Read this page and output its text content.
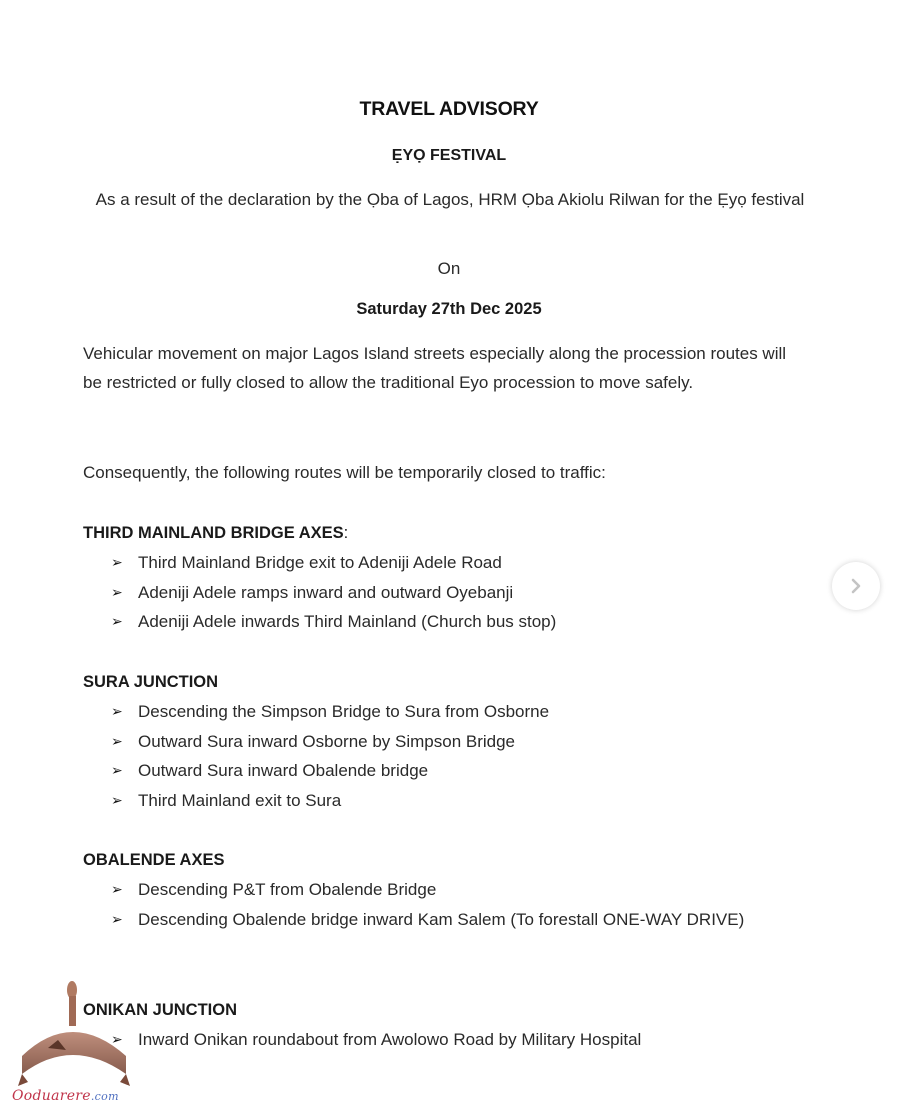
TRAVEL ADVISORY
ẸYỌ FESTIVAL
As a result of the declaration by the Ọba of Lagos, HRM Ọba Akiolu Rilwan for the Ẹyọ festival
On
Saturday 27th Dec 2025
Vehicular movement on major Lagos Island streets especially along the procession routes will be restricted or fully closed to allow the traditional Eyo procession to move safely.
Consequently, the following routes will be temporarily closed to traffic:
THIRD MAINLAND BRIDGE AXES:
➢ Third Mainland Bridge exit to Adeniji Adele Road
➢ Adeniji Adele ramps inward and outward Oyebanji
➢ Adeniji Adele inwards Third Mainland (Church bus stop)
SURA JUNCTION
➢ Descending the Simpson Bridge to Sura from Osborne
➢ Outward Sura inward Osborne by Simpson Bridge
➢ Outward Sura inward Obalende bridge
➢ Third Mainland exit to Sura
OBALENDE AXES
➢ Descending P&T from Obalende Bridge
➢ Descending Obalende bridge inward Kam Salem (To forestall ONE-WAY DRIVE)
ONIKAN JUNCTION
➢ Inward Onikan roundabout from Awolowo Road by Military Hospital
Ooduarere.com
